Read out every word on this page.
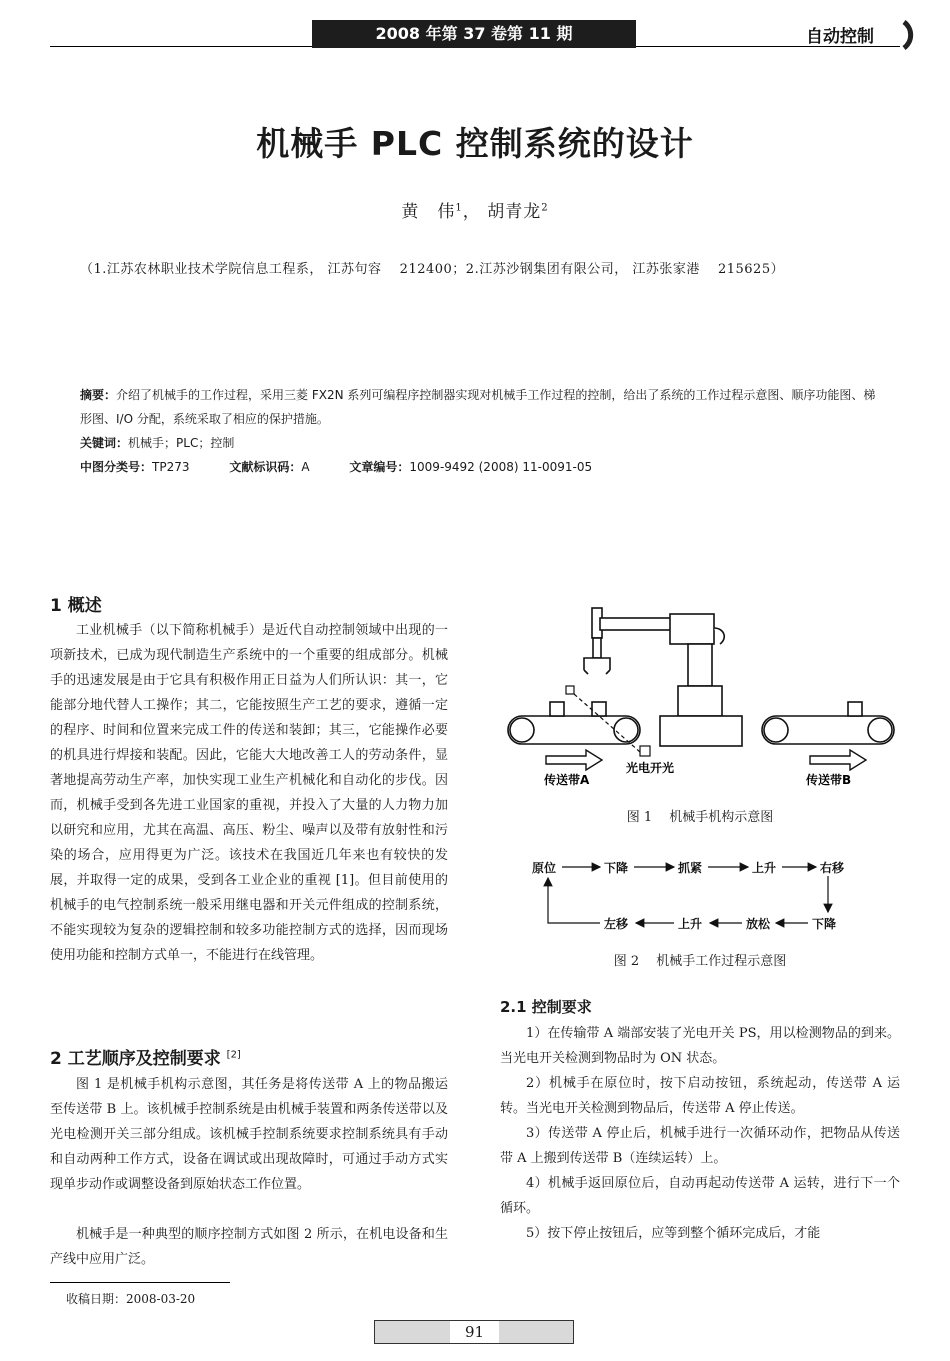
2008 年第 37 卷第 11 期	自动控制
机械手 PLC 控制系统的设计
黄　伟$^1$， 胡青龙$^2$
（1.江苏农林职业技术学院信息工程系， 江苏句容　 212400；2.江苏沙钢集团有限公司， 江苏张家港　 215625）
摘要：介绍了机械手的工作过程，采用三菱 FX2N 系列可编程序控制器实现对机械手工作过程的控制，给出了系统的工作过程示意图、顺序功能图、梯形图、I/O 分配，系统采取了相应的保护措施。
关键词：机械手；PLC；控制
中图分类号：TP273	文献标识码：A	文章编号：1009-9492 (2008) 11-0091-05
1 概述

工业机械手（以下简称机械手）是近代自动控制领域中出现的一项新技术，已成为现代制造生产系统中的一个重要的组成部分。机械手的迅速发展是由于它具有积极作用正日益为人们所认识：其一，它能部分地代替人工操作；其二，它能按照生产工艺的要求，遵循一定的程序、时间和位置来完成工件的传送和装卸；其三，它能操作必要的机具进行焊接和装配。因此，它能大大地改善工人的劳动条件，显著地提高劳动生产率，加快实现工业生产机械化和自动化的步伐。因而，机械手受到各先进工业国家的重视，并投入了大量的人力物力加以研究和应用，尤其在高温、高压、粉尘、噪声以及带有放射性和污染的场合，应用得更为广泛。该技术在我国近几年来也有较快的发展，并取得一定的成果，受到各工业企业的重视 [1]。但目前使用的机械手的电气控制系统一般采用继电器和开关元件组成的控制系统，不能实现较为复杂的逻辑控制和较多功能控制方式的选择，因而现场使用功能和控制方式单一，不能进行在线管理。

2 工艺顺序及控制要求 [2]

图 1 是机械手机构示意图，其任务是将传送带 A 上的物品搬运至传送带 B 上。该机械手控制系统是由机械手装置和两条传送带以及光电检测开关三部分组成。该机械手控制系统要求控制系统具有手动和自动两种工作方式，设备在调试或出现故障时，可通过手动方式实现单步动作或调整设备到原始状态工作位置。

机械手是一种典型的顺序控制方式如图 2 所示，在机电设备和生产线中应用广泛。

收稿日期：2008-03-20
传送带A
光电开光
传送带B
图 1　 机械手机构示意图
原位	下降	抓紧	上升	右移
下降
放松
上升
左移
图 2　 机械手工作过程示意图
2.1 控制要求

1）在传输带 A 端部安装了光电开关 PS，用以检测物品的到来。当光电开关检测到物品时为 ON 状态。

2）机械手在原位时，按下启动按钮，系统起动，传送带 A 运转。当光电开关检测到物品后，传送带 A 停止传送。

3）传送带 A 停止后，机械手进行一次循环动作，把物品从传送带 A 上搬到传送带 B（连续运转）上。

4）机械手返回原位后，自动再起动传送带 A 运转，进行下一个循环。

5）按下停止按钮后，应等到整个循环完成后，才能

91
